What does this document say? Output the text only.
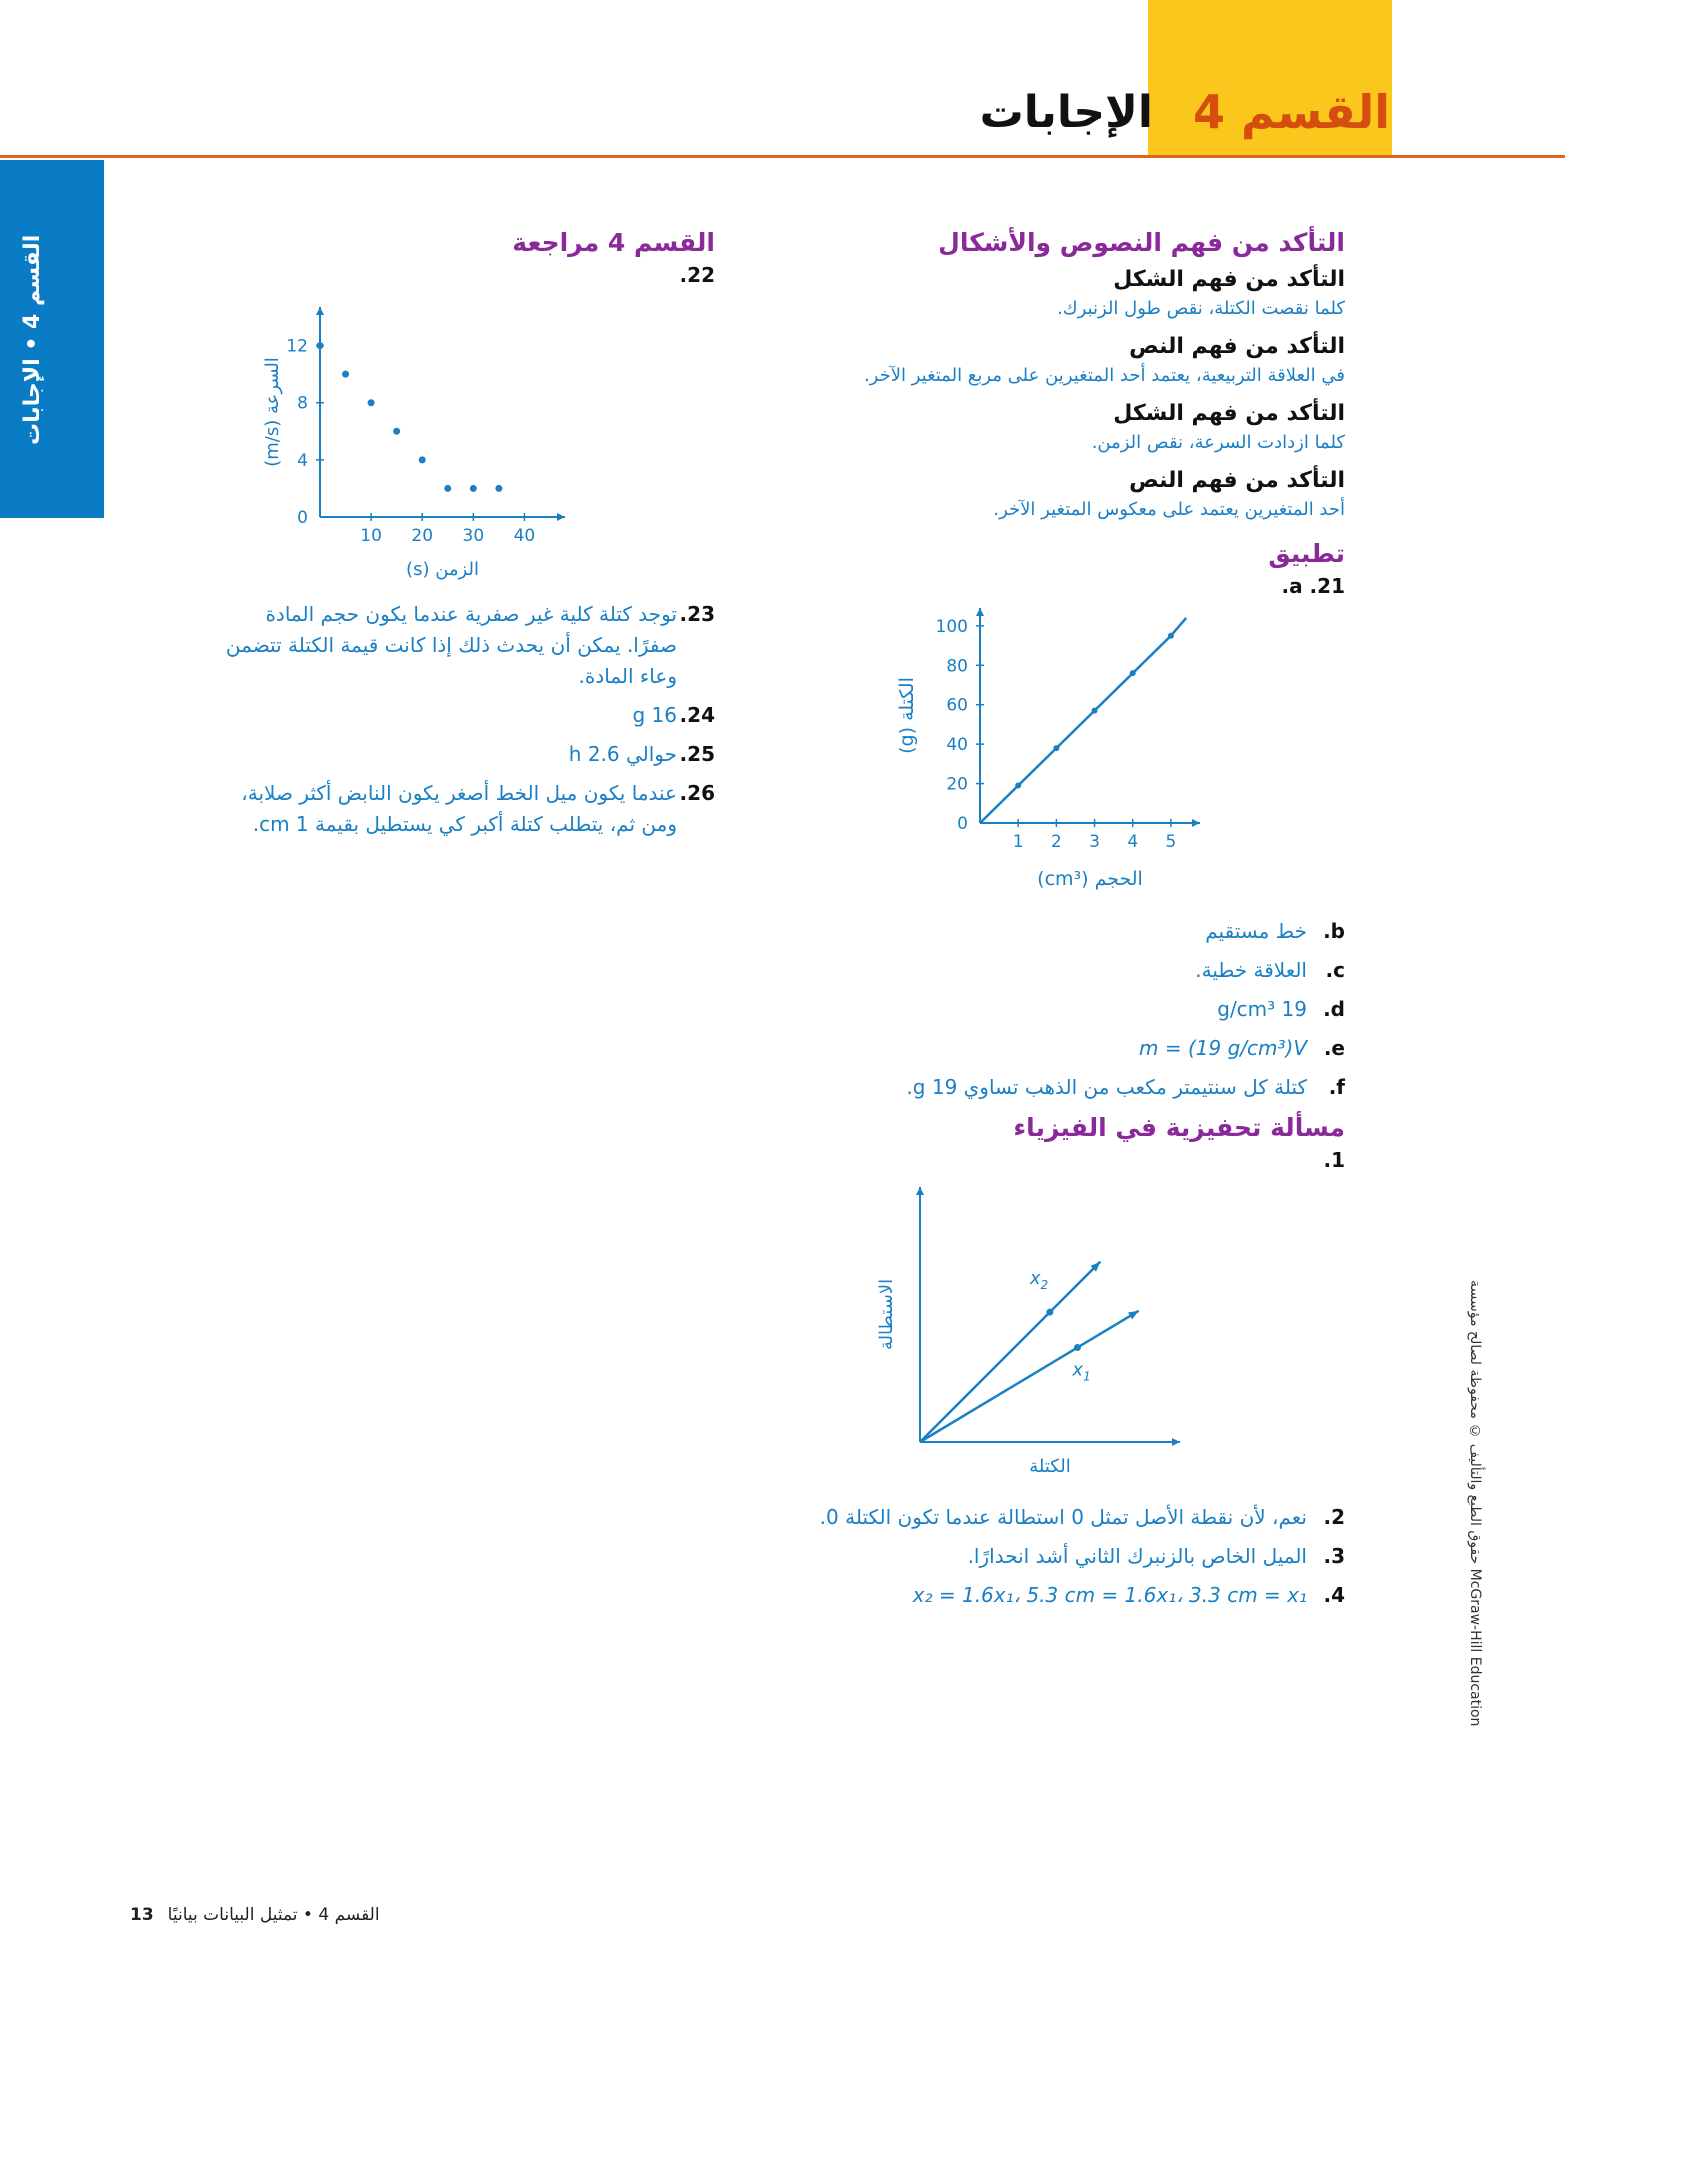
القسم 4
الإجابات
القسم 4 • الإجابات	التأكد من فهم النصوص والأشكال
التأكد من فهم الشكل

كلما نقصت الكتلة، نقص طول الزنبرك.

التأكد من فهم النص

في العلاقة التربيعية، يعتمد أحد المتغيرين على مربع المتغير الآخر.

التأكد من فهم الشكل

كلما ازدادت السرعة، نقص الزمن.

التأكد من فهم النص

أحد المتغيرين يعتمد على معكوس المتغير الآخر.

تطبيق
21. a.
1 2 3 4 5
0
20
40
60
80
100
الحجم (cm³)
الكتلة (g)
b.
خط مستقيم
c.
العلاقة خطية.
d.
19 g/cm³
e.
m = (19 g/cm³)V
f.
كتلة كل سنتيمتر مكعب من الذهب تساوي 19 g.
مسألة تحفيزية في الفيزياء
1.
$x_2$
$x_1$
الكتلة
الاستطالة
2.
نعم، لأن نقطة الأصل تمثل 0 استطالة عندما تكون الكتلة 0.
3.
الميل الخاص بالزنبرك الثاني أشد انحدارًا.
4.
x₂ = 1.6x₁، 5.3 cm = 1.6x₁، 3.3 cm = x₁
القسم 4 مراجعة
22.
10 20 30 40
0
4
8
12
الزمن (s)
السرعة (m/s)
23.
توجد كتلة كلية غير صفرية عندما يكون حجم المادة صفرًا. يمكن أن يحدث ذلك إذا كانت قيمة الكتلة تتضمن وعاء المادة.
24.
16 g
25.
حوالي 2.6 h
26.
عندما يكون ميل الخط أصغر يكون النابض أكثر صلابة، ومن ثم، يتطلب كتلة أكبر كي يستطيل بقيمة 1 cm.
حقوق الطبع والتأليف © محفوظة لصالح مؤسسة McGraw-Hill Education
13 القسم 4 • تمثيل البيانات بيانيًا
